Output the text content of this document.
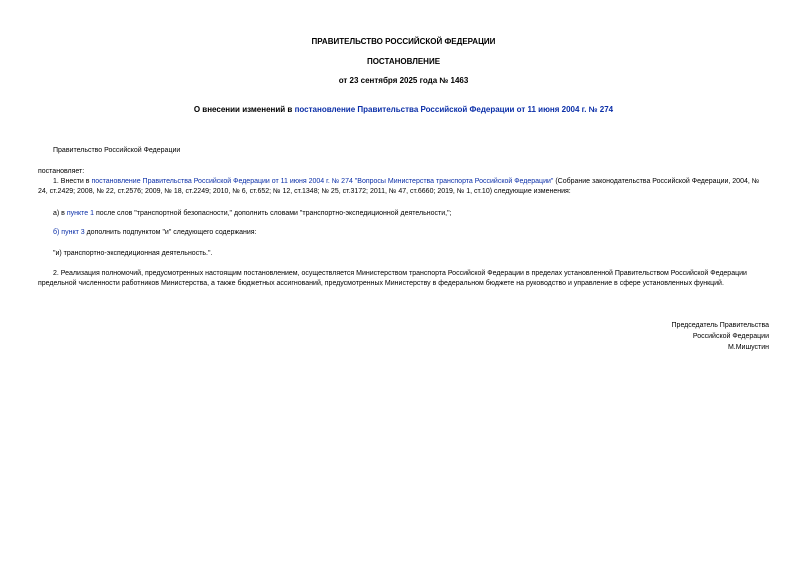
ПРАВИТЕЛЬСТВО РОССИЙСКОЙ ФЕДЕРАЦИИ
ПОСТАНОВЛЕНИЕ
от 23 сентября 2025 года № 1463
О внесении изменений в постановление Правительства Российской Федерации от 11 июня 2004 г. № 274
Правительство Российской Федерации
постановляет:
1. Внести в постановление Правительства Российской Федерации от 11 июня 2004 г. № 274 "Вопросы Министерства транспорта Российской Федерации" (Собрание законодательства Российской Федерации, 2004, № 24, ст.2429; 2008, № 22, ст.2576; 2009, № 18, ст.2249; 2010, № 6, ст.652; № 12, ст.1348; № 25, ст.3172; 2011, № 47, ст.6660; 2019, № 1, ст.10) следующие изменения:
а) в пункте 1 после слов "транспортной безопасности," дополнить словами "транспортно-экспедиционной деятельности,";
б) пункт 3 дополнить подпунктом "и" следующего содержания:
"и) транспортно-экспедиционная деятельность.".
2. Реализация полномочий, предусмотренных настоящим постановлением, осуществляется Министерством транспорта Российской Федерации в пределах установленной Правительством Российской Федерации предельной численности работников Министерства, а также бюджетных ассигнований, предусмотренных Министерству в федеральном бюджете на руководство и управление в сфере установленных функций.
Председатель Правительства
Российской Федерации
М.Мишустин
